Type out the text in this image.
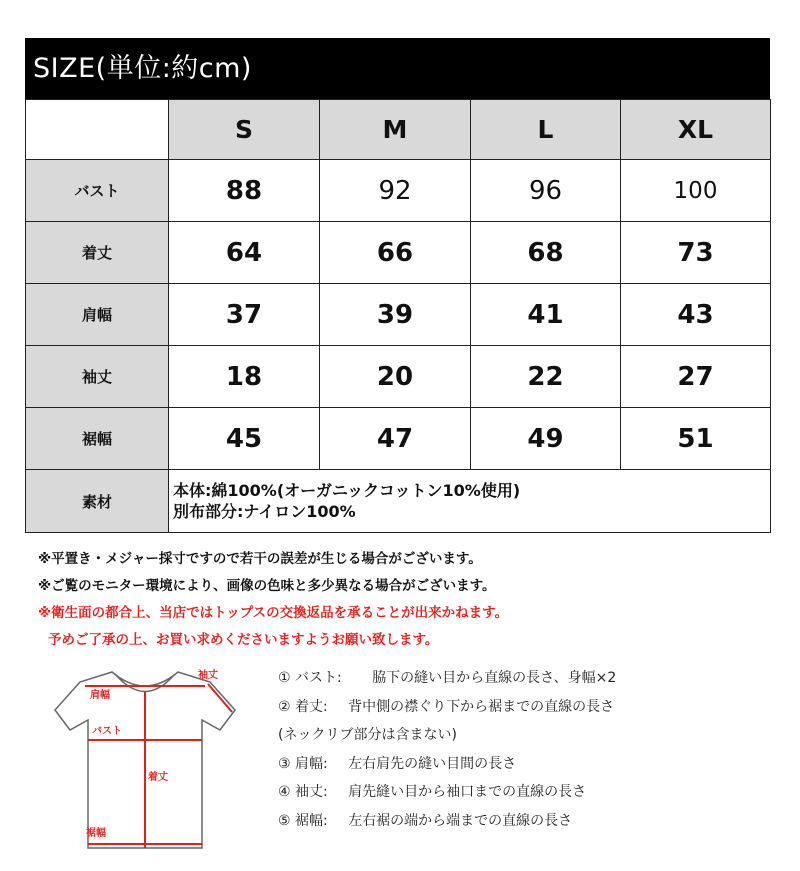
SIZE(単位:約cm)
	S	M	L	XL
バスト	88	92	96	100
着丈	64	66	68	73
肩幅	37	39	41	43
袖丈	18	20	22	27
裾幅	45	47	49	51
素材	本体:綿100%(オーガニックコットン10%使用)
別布部分:ナイロン100%			
※平置き・メジャー採寸ですので若干の誤差が生じる場合がございます。
※ご覧のモニター環境により、画像の色味と多少異なる場合がございます。
※衛生面の都合上、当店ではトップスの交換返品を承ることが出来かねます。
予めご了承の上、お買い求めくださいますようお願い致します。
袖丈
肩幅
バスト
着丈
裾幅
① バスト: 脇下の縫い目から直線の長さ、身幅×2
② 着丈: 背中側の襟ぐり下から裾までの直線の長さ
(ネックリブ部分は含まない)
③ 肩幅: 左右肩先の縫い目間の長さ
④ 袖丈: 肩先縫い目から袖口までの直線の長さ
⑤ 裾幅: 左右裾の端から端までの直線の長さ
